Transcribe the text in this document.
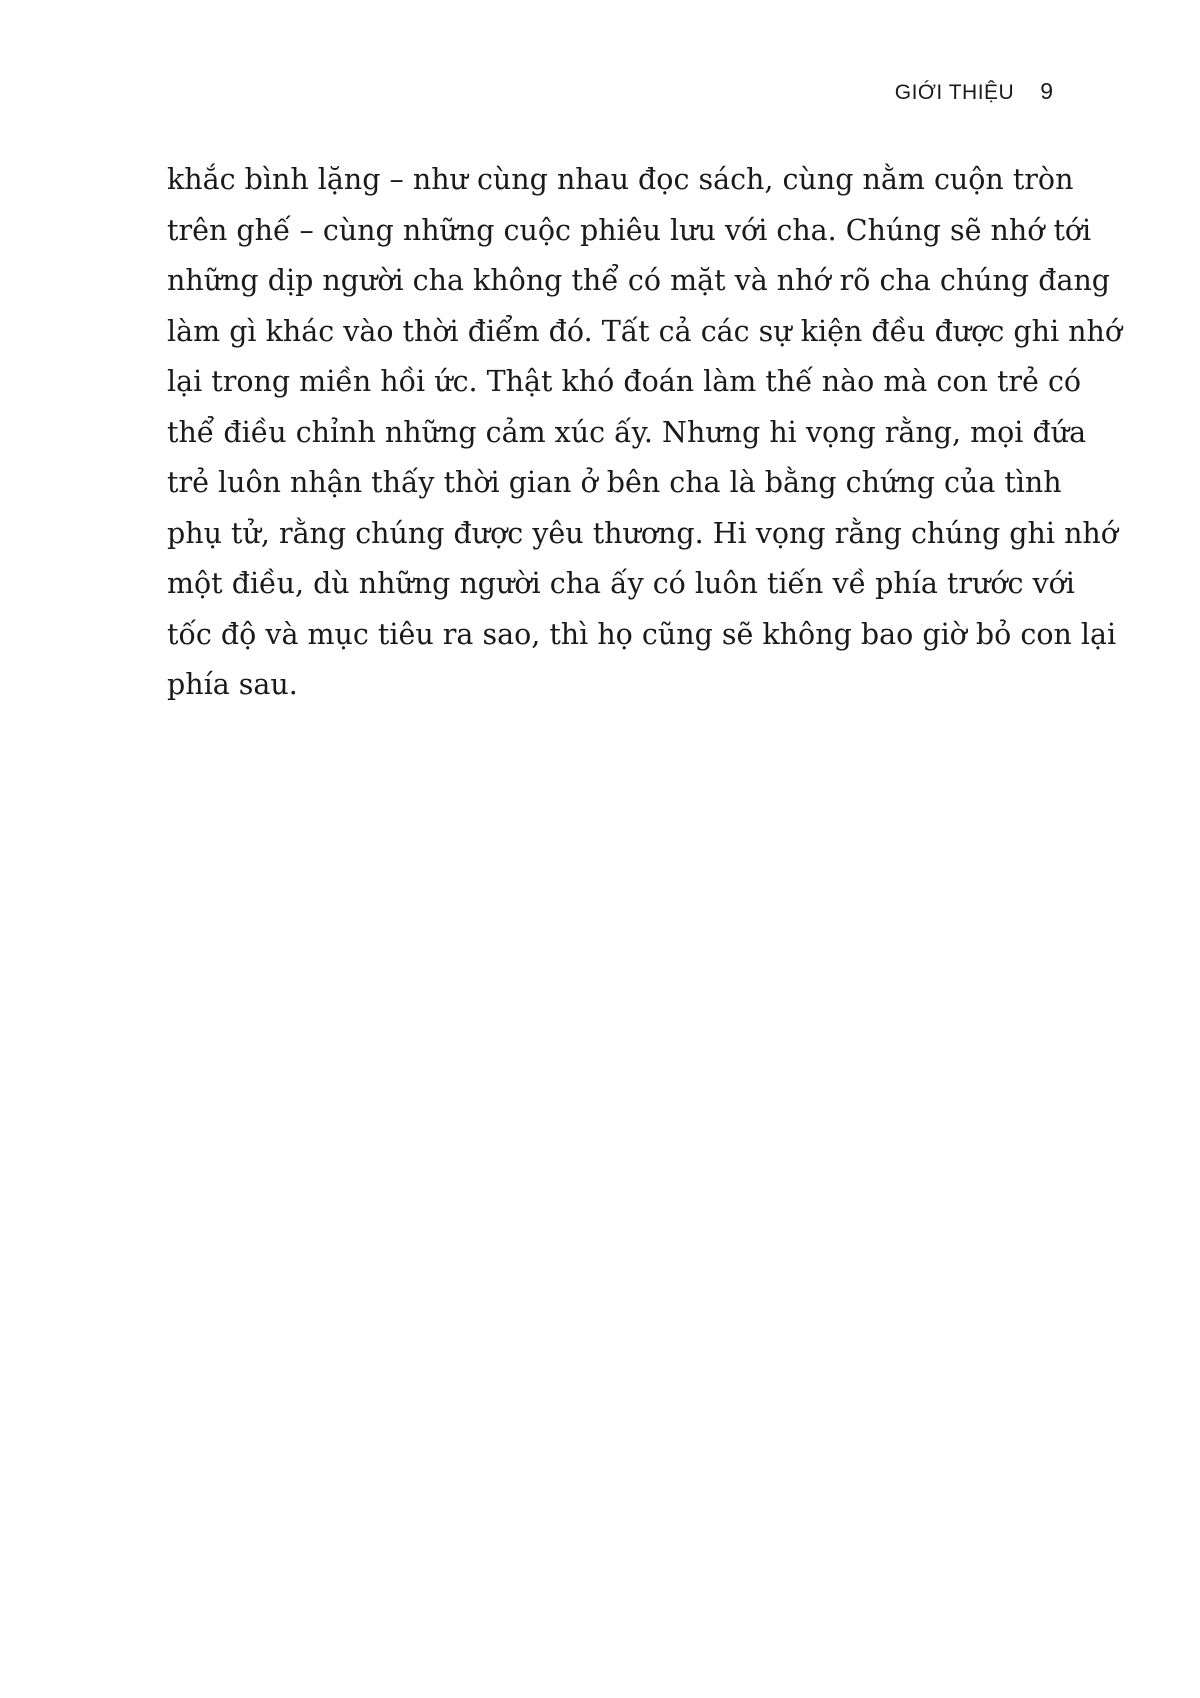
GIỚI THIỆU 9
khắc bình lặng – như cùng nhau đọc sách, cùng nằm cuộn tròn
trên ghế – cùng những cuộc phiêu lưu với cha. Chúng sẽ nhớ tới
những dịp người cha không thể có mặt và nhớ rõ cha chúng đang
làm gì khác vào thời điểm đó. Tất cả các sự kiện đều được ghi nhớ
lại trong miền hồi ức. Thật khó đoán làm thế nào mà con trẻ có
thể điều chỉnh những cảm xúc ấy. Nhưng hi vọng rằng, mọi đứa
trẻ luôn nhận thấy thời gian ở bên cha là bằng chứng của tình
phụ tử, rằng chúng được yêu thương. Hi vọng rằng chúng ghi nhớ
một điều, dù những người cha ấy có luôn tiến về phía trước với
tốc độ và mục tiêu ra sao, thì họ cũng sẽ không bao giờ bỏ con lại
phía sau.
